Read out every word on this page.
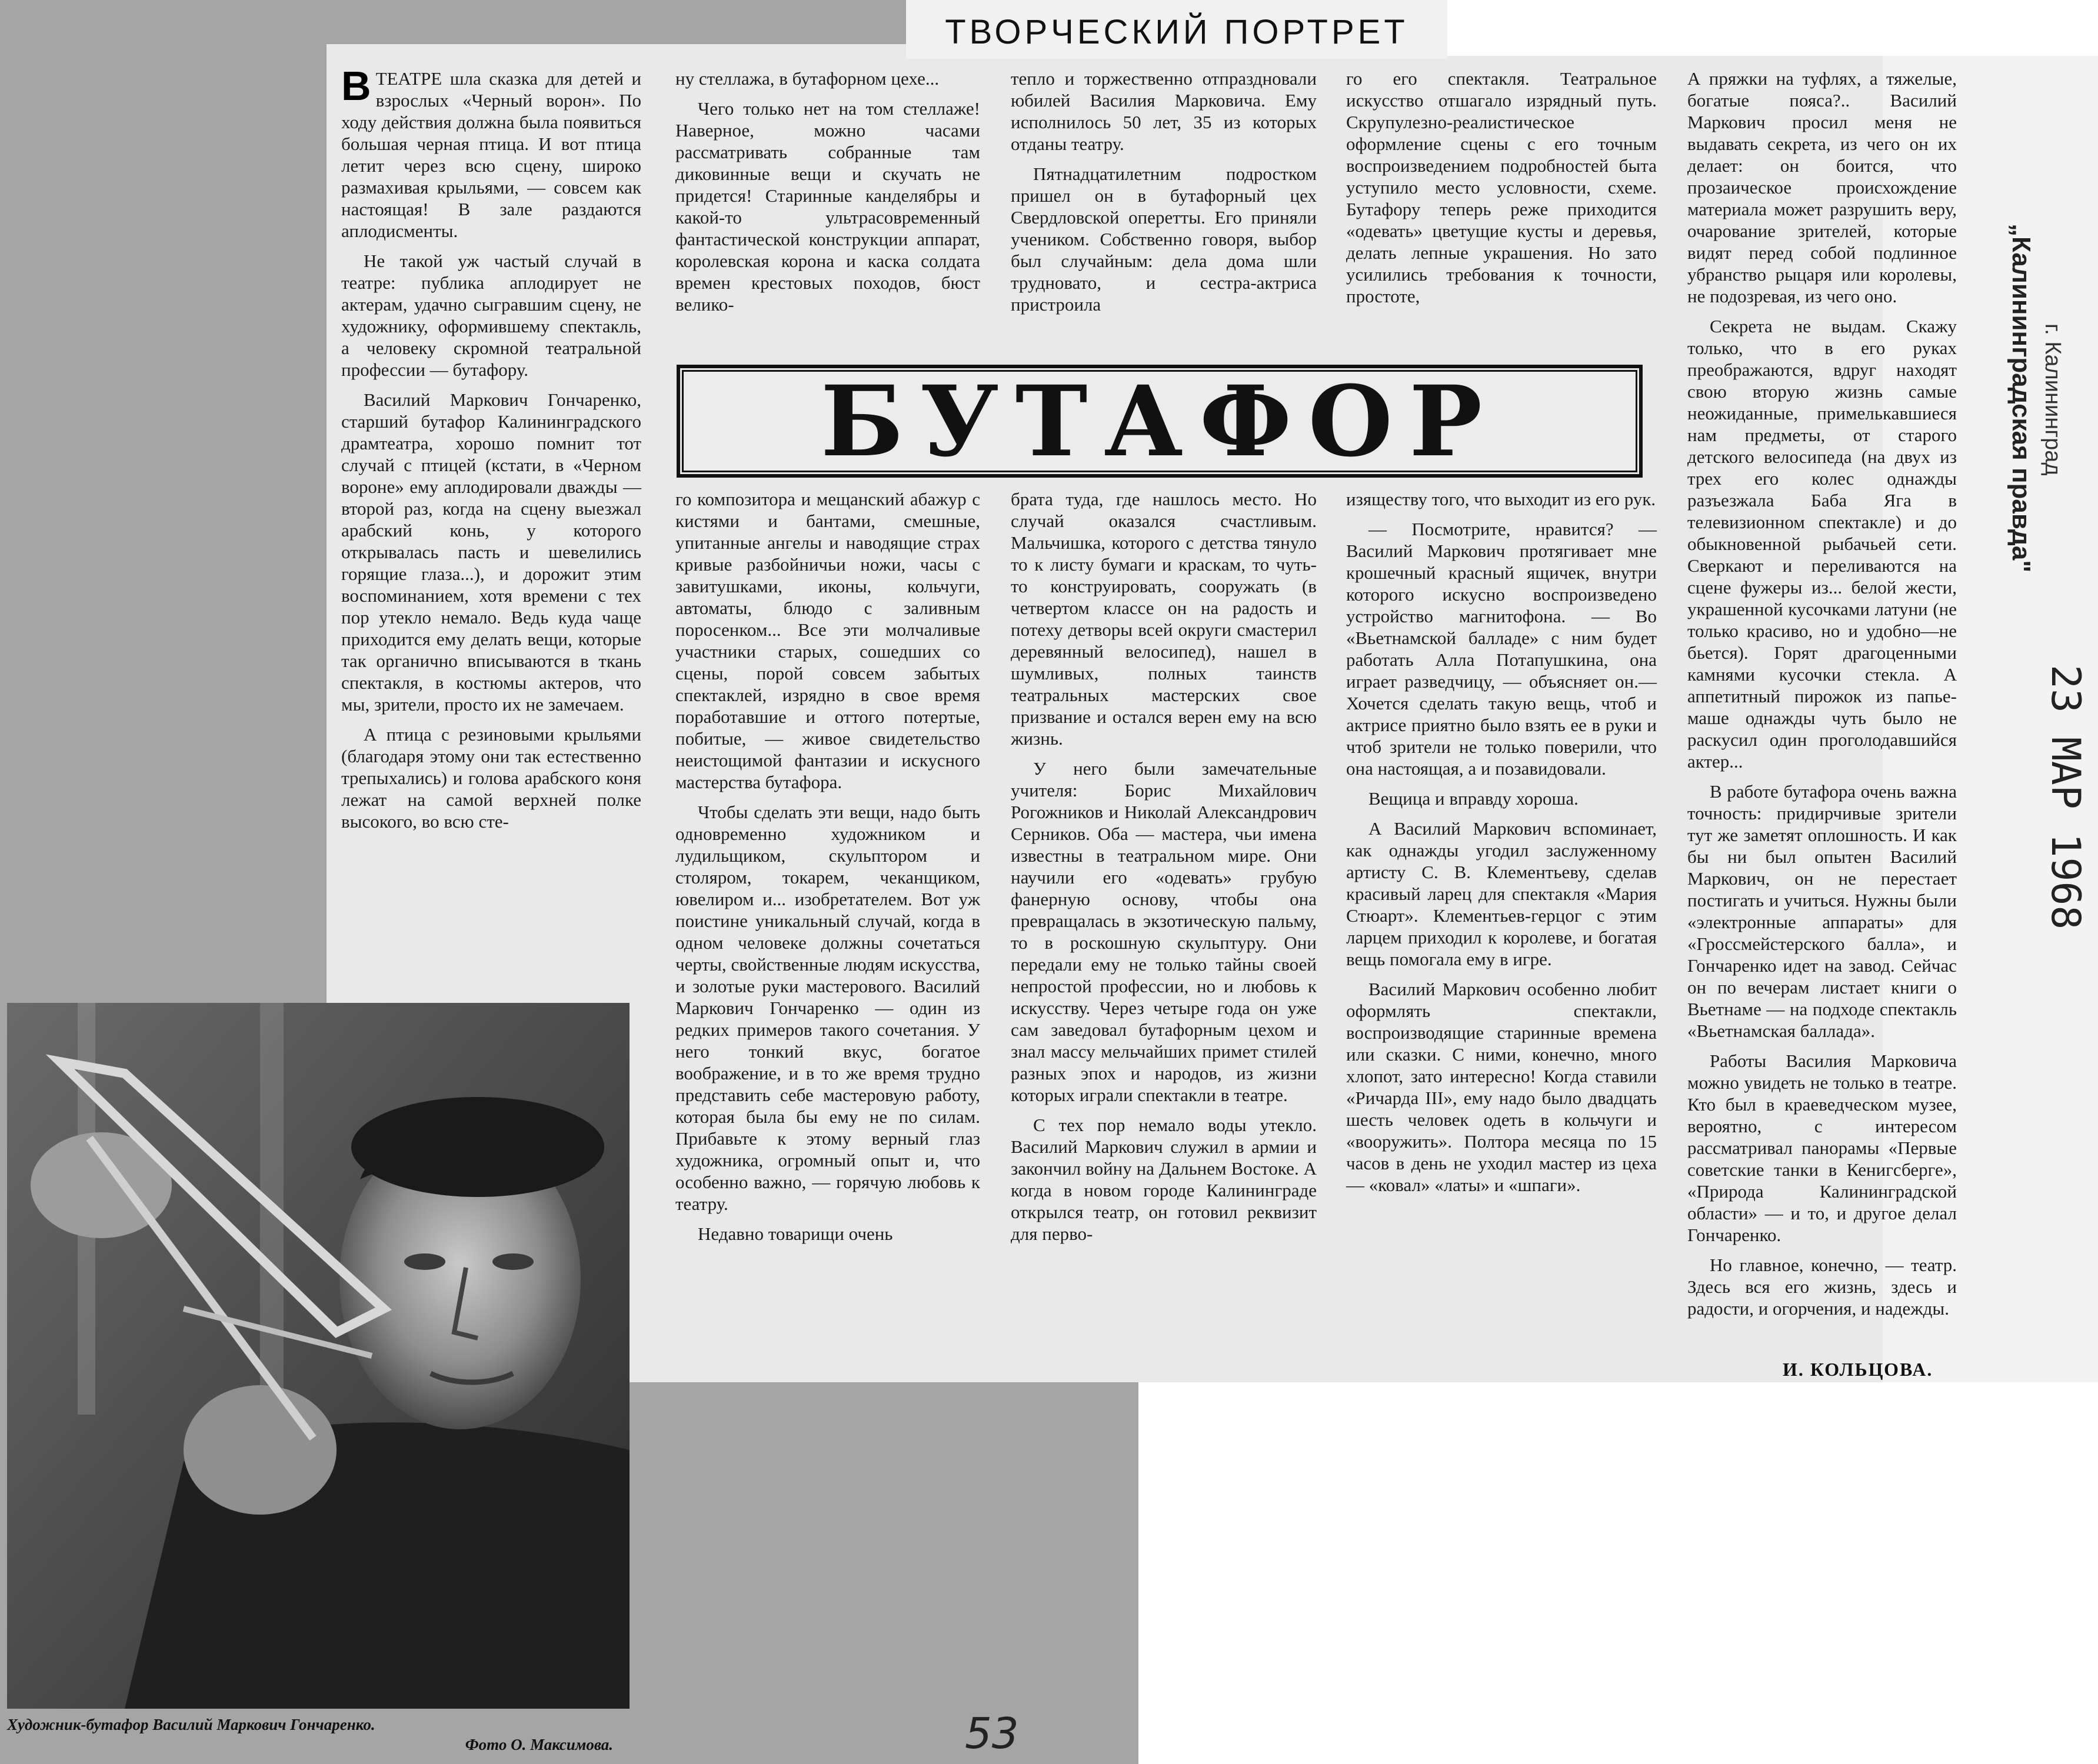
ТВОРЧЕСКИЙ ПОРТРЕТ

ВТЕАТРЕ шла сказка для детей и взрослых «Черный ворон». По ходу действия должна была появиться большая черная птица. И вот птица летит через всю сцену, широко размахивая крыльями, — совсем как настоящая! В зале раздаются аплодисменты.

Не такой уж частый случай в театре: публика аплодирует не актерам, удачно сыгравшим сцену, не художнику, оформившему спектакль, а человеку скромной театральной профессии — бутафору.

Василий Маркович Гончаренко, старший бутафор Калининградского драмтеатра, хорошо помнит тот случай с птицей (кстати, в «Черном вороне» ему аплодировали дважды — второй раз, когда на сцену выезжал арабский конь, у которого открывалась пасть и шевелились горящие глаза...), и дорожит этим воспоминанием, хотя времени с тех пор утекло немало. Ведь куда чаще приходится ему делать вещи, которые так органично вписываются в ткань спектакля, в костюмы актеров, что мы, зрители, просто их не замечаем.

А птица с резиновыми крыльями (благодаря этому они так естественно трепыхались) и голова арабского коня лежат на самой верхней полке высокого, во всю сте-

ну стеллажа, в бутафорном цехе...

Чего только нет на том стеллаже! Наверное, можно часами рассматривать собранные там диковинные вещи и скучать не придется! Старинные канделябры и какой-то ультрасовременный фантастической конструкции аппарат, королевская корона и каска солдата времен крестовых походов, бюст велико-

тепло и торжественно отпраздновали юбилей Василия Марковича. Ему исполнилось 50 лет, 35 из которых отданы театру.

Пятнадцатилетним подростком пришел он в бутафорный цех Свердловской оперетты. Его приняли учеником. Собственно говоря, выбор был случайным: дела дома шли трудновато, и сестра-актриса пристроила

го его спектакля. Театральное искусство отшагало изрядный путь. Скрупулезно-реалистическое оформление сцены с его точным воспроизведением подробностей быта уступило место условности, схеме. Бутафору теперь реже приходится «одевать» цветущие кусты и деревья, делать лепные украшения. Но зато усилились требования к точности, простоте,

БУТАФОР

го композитора и мещанский абажур с кистями и бантами, смешные, упитанные ангелы и наводящие страх кривые разбойничьи ножи, часы с завитушками, иконы, кольчуги, автоматы, блюдо с заливным поросенком... Все эти молчаливые участники старых, сошедших со сцены, порой совсем забытых спектаклей, изрядно в свое время поработавшие и оттого потертые, побитые, — живое свидетельство неистощимой фантазии и искусного мастерства бутафора.

Чтобы сделать эти вещи, надо быть одновременно художником и лудильщиком, скульптором и столяром, токарем, чеканщиком, ювелиром и... изобретателем. Вот уж поистине уникальный случай, когда в одном человеке должны сочетаться черты, свойственные людям искусства, и золотые руки мастерового. Василий Маркович Гончаренко — один из редких примеров такого сочетания. У него тонкий вкус, богатое воображение, и в то же время трудно представить себе мастеровую работу, которая была бы ему не по силам. Прибавьте к этому верный глаз художника, огромный опыт и, что особенно важно, — горячую любовь к театру.

Недавно товарищи очень

брата туда, где нашлось место. Но случай оказался счастливым. Мальчишка, которого с детства тянуло то к листу бумаги и краскам, то чуть-то конструировать, сооружать (в четвертом классе он на радость и потеху детворы всей округи смастерил деревянный велосипед), нашел в шумливых, полных таинств театральных мастерских свое призвание и остался верен ему на всю жизнь.

У него были замечательные учителя: Борис Михайлович Рогожников и Николай Александрович Серников. Оба — мастера, чьи имена известны в театральном мире. Они научили его «одевать» грубую фанерную основу, чтобы она превращалась в экзотическую пальму, то в роскошную скульптуру. Они передали ему не только тайны своей непростой профессии, но и любовь к искусству. Через четыре года он уже сам заведовал бутафорным цехом и знал массу мельчайших примет стилей разных эпох и народов, из жизни которых играли спектакли в театре.

С тех пор немало воды утекло. Василий Маркович служил в армии и закончил войну на Дальнем Востоке. А когда в новом городе Калининграде открылся театр, он готовил реквизит для перво-

изяществу того, что выходит из его рук.

— Посмотрите, нравится? — Василий Маркович протягивает мне крошечный красный ящичек, внутри которого искусно воспроизведено устройство магнитофона. — Во «Вьетнамской балладе» с ним будет работать Алла Потапушкина, она играет разведчицу, — объясняет он.— Хочется сделать такую вещь, чтоб и актрисе приятно было взять ее в руки и чтоб зрители не только поверили, что она настоящая, а и позавидовали.

Вещица и вправду хороша.

А Василий Маркович вспоминает, как однажды угодил заслуженному артисту С. В. Клементьеву, сделав красивый ларец для спектакля «Мария Стюарт». Клементьев-герцог с этим ларцем приходил к королеве, и богатая вещь помогала ему в игре.

Василий Маркович особенно любит оформлять спектакли, воспроизводящие старинные времена или сказки. С ними, конечно, много хлопот, зато интересно! Когда ставили «Ричарда III», ему надо было двадцать шесть человек одеть в кольчуги и «вооружить». Полтора месяца по 15 часов в день не уходил мастер из цеха — «ковал» «латы» и «шпаги».

А пряжки на туфлях, а тяжелые, богатые пояса?.. Василий Маркович просил меня не выдавать секрета, из чего он их делает: он боится, что прозаическое происхождение материала может разрушить веру, очарование зрителей, которые видят перед собой подлинное убранство рыцаря или королевы, не подозревая, из чего оно.

Секрета не выдам. Скажу только, что в его руках преображаются, вдруг находят свою вторую жизнь самые неожиданные, примелькавшиеся нам предметы, от старого детского велосипеда (на двух из трех его колес однажды разъезжала Баба Яга в телевизионном спектакле) и до обыкновенной рыбачьей сети. Сверкают и переливаются на сцене фужеры из... белой жести, украшенной кусочками латуни (не только красиво, но и удобно—не бьется). Горят драгоценными камнями кусочки стекла. А аппетитный пирожок из папье-маше однажды чуть было не раскусил один проголодавшийся актер...

В работе бутафора очень важна точность: придирчивые зрители тут же заметят оплошность. И как бы ни был опытен Василий Маркович, он не перестает постигать и учиться. Нужны были «электронные аппараты» для «Гроссмейстерского балла», и Гончаренко идет на завод. Сейчас он по вечерам листает книги о Вьетнаме — на подходе спектакль «Вьетнамская баллада».

Работы Василия Марковича можно увидеть не только в театре. Кто был в краеведческом музее, вероятно, с интересом рассматривал панорамы «Первые советские танки в Кенигсберге», «Природа Калининградской области» — и то, и другое делал Гончаренко.

Но главное, конечно, — театр. Здесь вся его жизнь, здесь и радости, и огорчения, и надежды.

И. КОЛЬЦОВА.
Художник-бутафор Василий Маркович Гончаренко.
Фото О. Максимова.
„Калининградская правда" г. Калининград
23 МАР 1968
53
